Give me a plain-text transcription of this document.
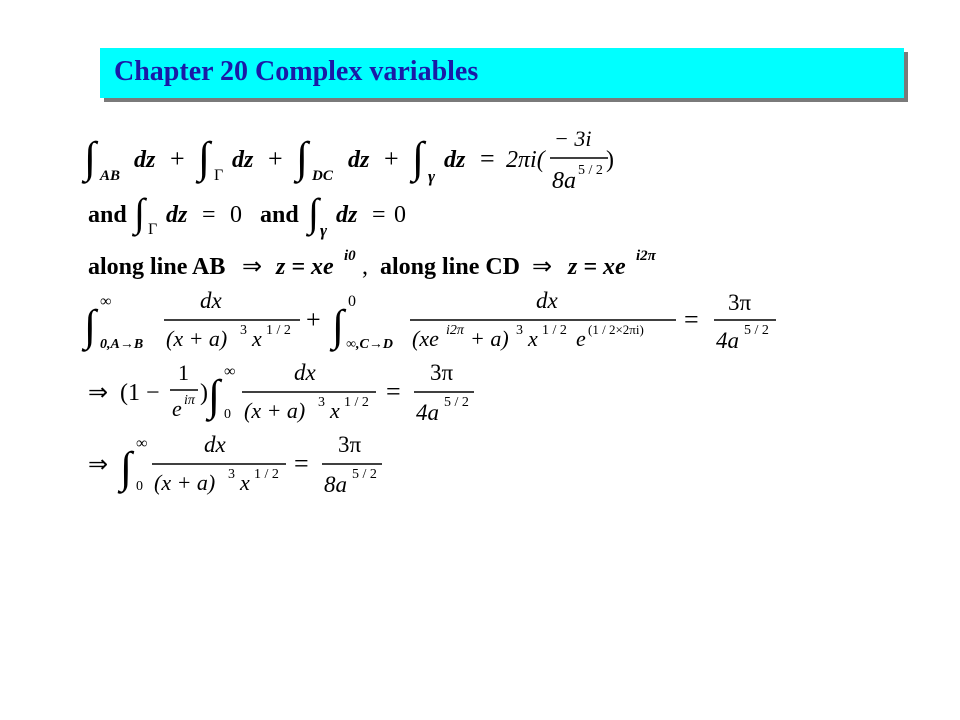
Chapter 20 Complex variables
∫ AB
dz + ∫ Γ
dz + ∫ DC
dz + ∫ γ
dz = 2πi(
− 3i
8a 5 / 2 )
and ∫ Γ
dz = 0 and ∫ γ
dz = 0
along line AB ⇒ z = xe i0 , along line CD ⇒ z = xe i2π
∫ ∞
0,A→B
dx
(x + a) 3 x 1 / 2 + ∫ 0
∞,C→D
dx
(xe i2π + a) 3 x 1 / 2 e (1 / 2×2πi) =
3π
4a 5 / 2
⇒ (1 −
1
e iπ ) ∫ ∞
0
dx
(x + a) 3 x 1 / 2 =
3π
4a 5 / 2
⇒ ∫ ∞
0
dx
(x + a) 3 x 1 / 2 =
3π
8a 5 / 2
